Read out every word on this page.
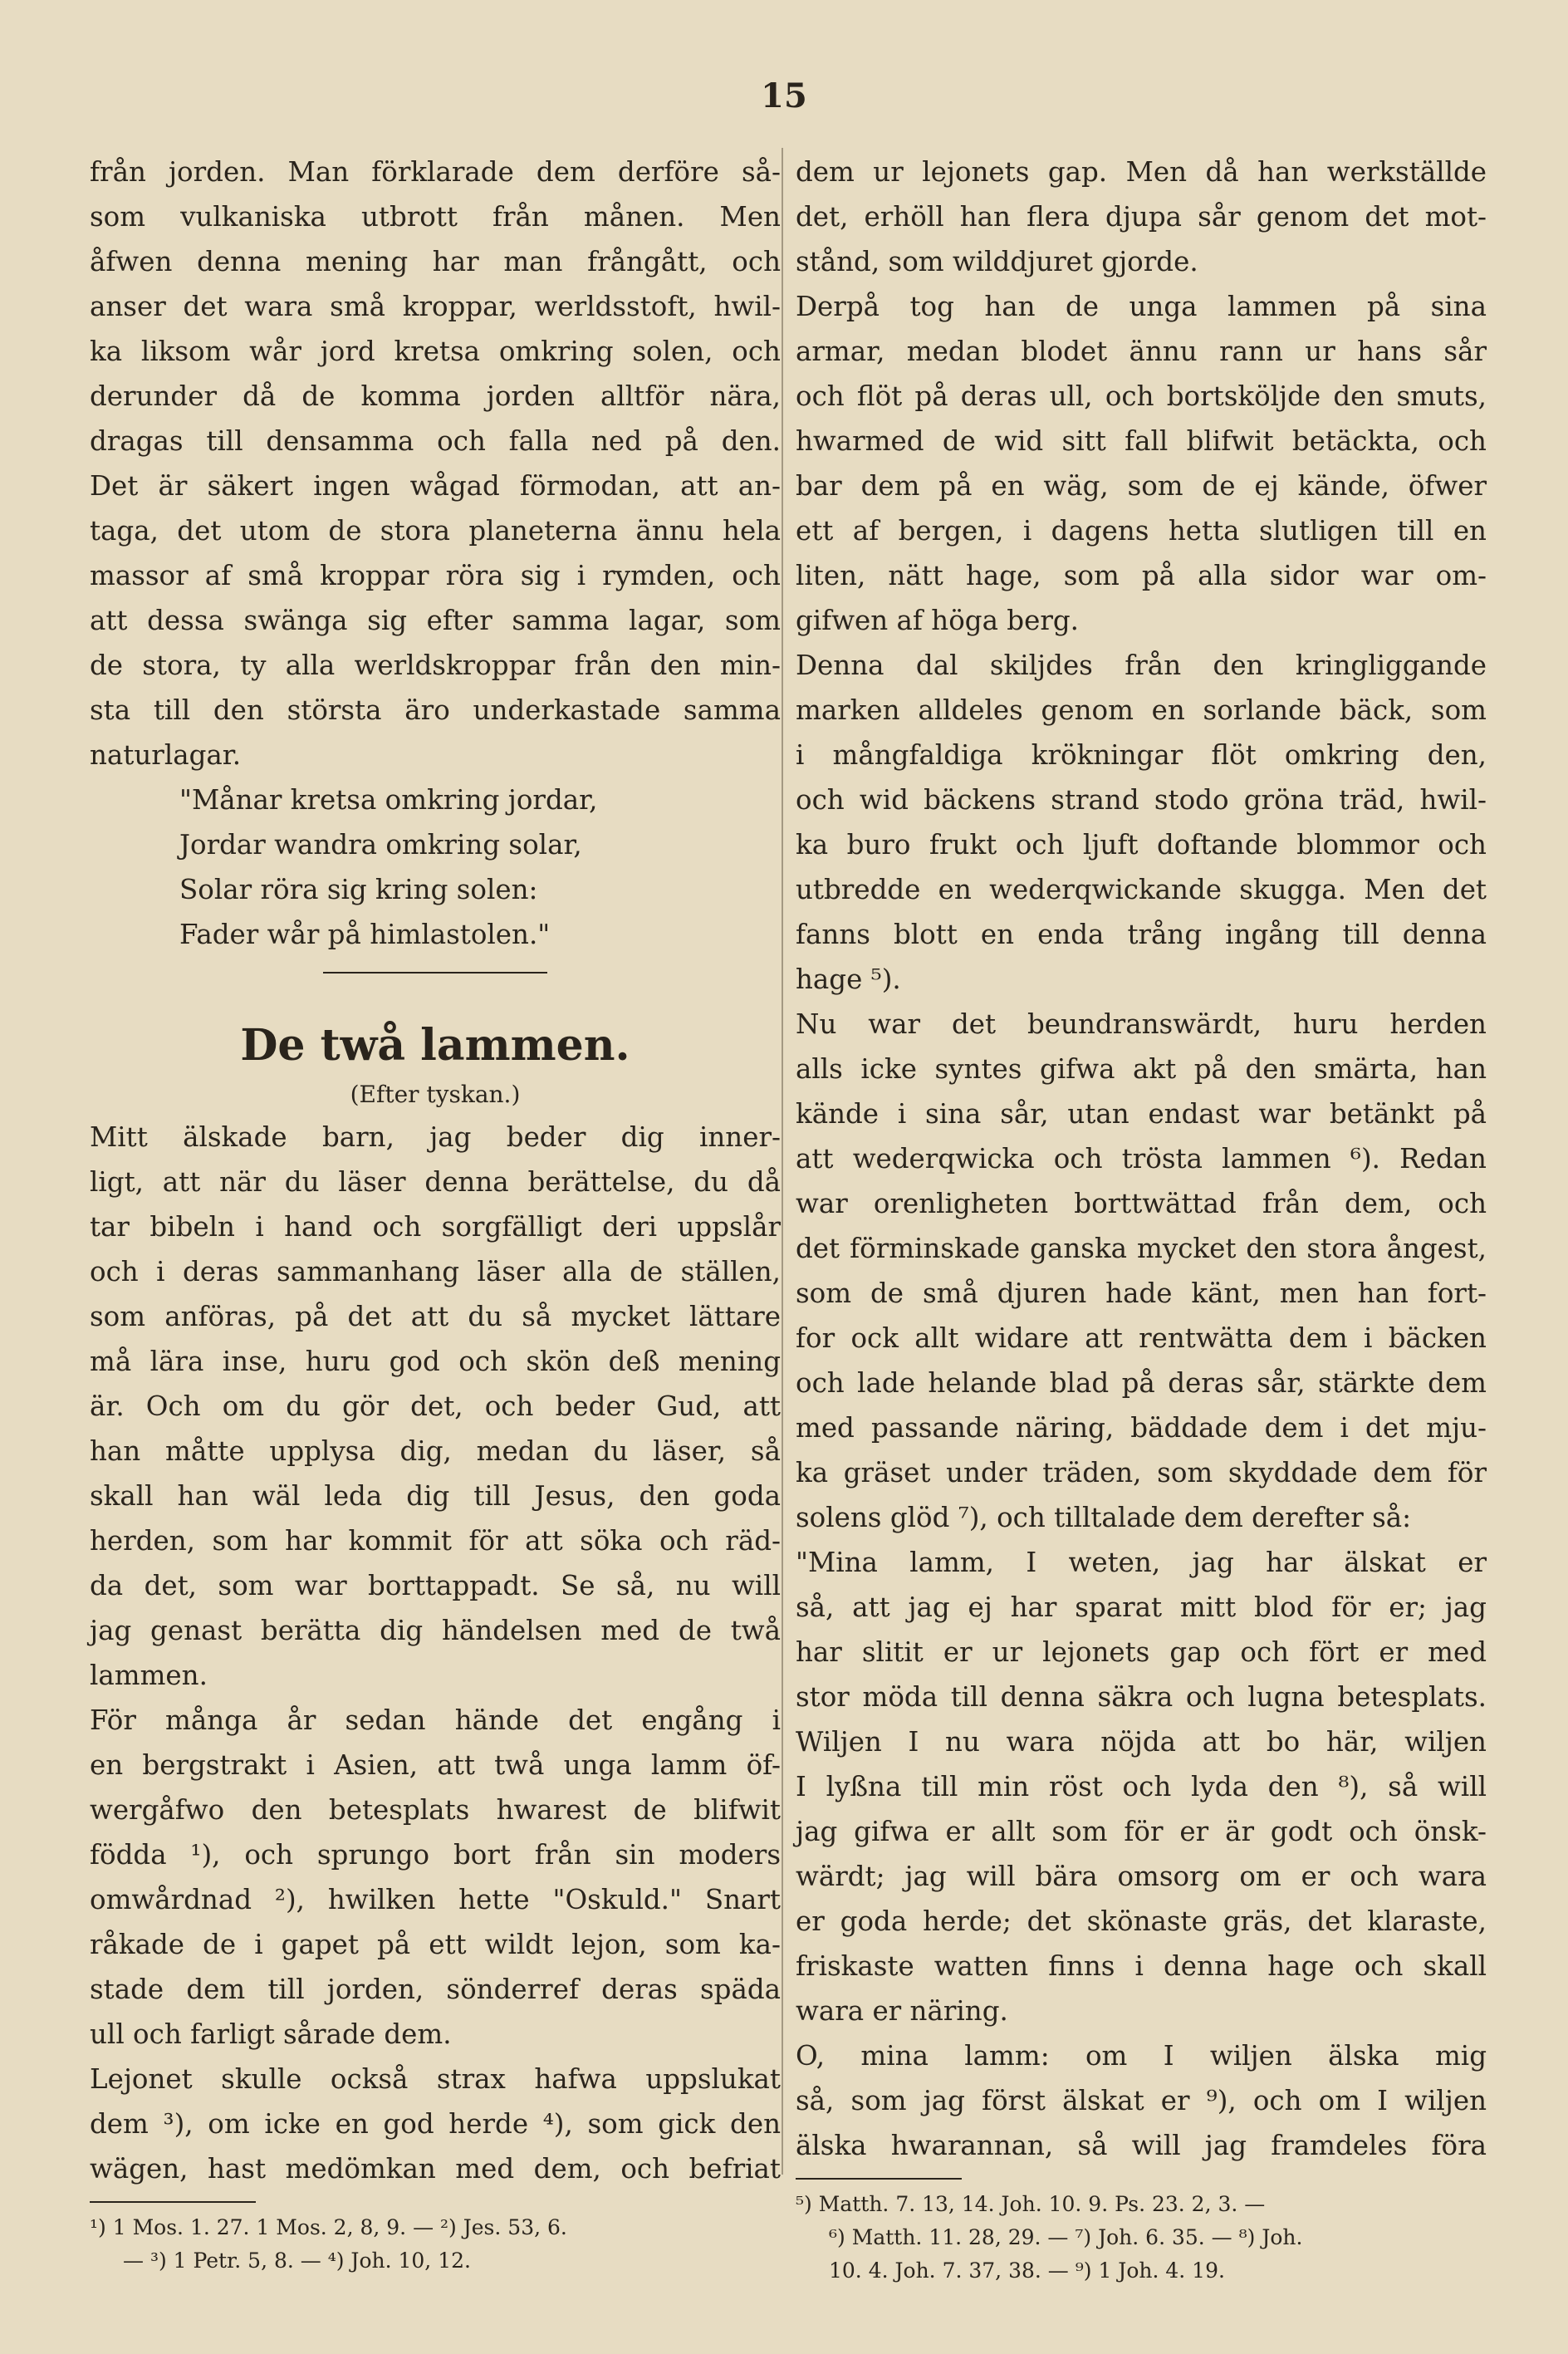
15
från jorden. Man förklarade dem derföre så-
som vulkaniska utbrott från månen. Men
åfwen denna mening har man frångått, och
anser det wara små kroppar, werldsstoft, hwil-
ka liksom wår jord kretsa omkring solen, och
derunder då de komma jorden alltför nära,
dragas till densamma och falla ned på den.
Det är säkert ingen wågad förmodan, att an-
taga, det utom de stora planeterna ännu hela
massor af små kroppar röra sig i rymden, och
att dessa swänga sig efter samma lagar, som
de stora, ty alla werldskroppar från den min-
sta till den största äro underkastade samma
naturlagar.
"Månar kretsa omkring jordar,
Jordar wandra omkring solar,
Solar röra sig kring solen:
Fader wår på himlastolen."
De twå lammen.
(Efter tyskan.)
Mitt älskade barn, jag beder dig inner-
ligt, att när du läser denna berättelse, du då
tar bibeln i hand och sorgfälligt deri uppslår
och i deras sammanhang läser alla de ställen,
som anföras, på det att du så mycket lättare
må lära inse, huru god och skön deß mening
är. Och om du gör det, och beder Gud, att
han måtte upplysa dig, medan du läser, så
skall han wäl leda dig till Jesus, den goda
herden, som har kommit för att söka och räd-
da det, som war borttappadt. Se så, nu will
jag genast berätta dig händelsen med de twå
lammen.
För många år sedan hände det engång i
en bergstrakt i Asien, att twå unga lamm öf-
wergåfwo den betesplats hwarest de blifwit
födda ¹), och sprungo bort från sin moders
omwårdnad ²), hwilken hette "Oskuld." Snart
råkade de i gapet på ett wildt lejon, som ka-
stade dem till jorden, sönderref deras späda
ull och farligt sårade dem.
Lejonet skulle också strax hafwa uppslukat
dem ³), om icke en god herde ⁴), som gick den
wägen, hast medömkan med dem, och befriat
¹) 1 Mos. 1. 27. 1 Mos. 2, 8, 9. — ²) Jes. 53, 6.
— ³) 1 Petr. 5, 8. — ⁴) Joh. 10, 12.
dem ur lejonets gap. Men då han werkställde
det, erhöll han flera djupa sår genom det mot-
stånd, som wilddjuret gjorde.
Derpå tog han de unga lammen på sina
armar, medan blodet ännu rann ur hans sår
och flöt på deras ull, och bortsköljde den smuts,
hwarmed de wid sitt fall blifwit betäckta, och
bar dem på en wäg, som de ej kände, öfwer
ett af bergen, i dagens hetta slutligen till en
liten, nätt hage, som på alla sidor war om-
gifwen af höga berg.
Denna dal skiljdes från den kringliggande
marken alldeles genom en sorlande bäck, som
i mångfaldiga krökningar flöt omkring den,
och wid bäckens strand stodo gröna träd, hwil-
ka buro frukt och ljuft doftande blommor och
utbredde en wederqwickande skugga. Men det
fanns blott en enda trång ingång till denna
hage ⁵).
Nu war det beundranswärdt, huru herden
alls icke syntes gifwa akt på den smärta, han
kände i sina sår, utan endast war betänkt på
att wederqwicka och trösta lammen ⁶). Redan
war orenligheten borttwättad från dem, och
det förminskade ganska mycket den stora ångest,
som de små djuren hade känt, men han fort-
for ock allt widare att rentwätta dem i bäcken
och lade helande blad på deras sår, stärkte dem
med passande näring, bäddade dem i det mju-
ka gräset under träden, som skyddade dem för
solens glöd ⁷), och tilltalade dem derefter så:
"Mina lamm, I weten, jag har älskat er
så, att jag ej har sparat mitt blod för er; jag
har slitit er ur lejonets gap och fört er med
stor möda till denna säkra och lugna betesplats.
Wiljen I nu wara nöjda att bo här, wiljen
I lyßna till min röst och lyda den ⁸), så will
jag gifwa er allt som för er är godt och önsk-
wärdt; jag will bära omsorg om er och wara
er goda herde; det skönaste gräs, det klaraste,
friskaste watten finns i denna hage och skall
wara er näring.
O, mina lamm: om I wiljen älska mig
så, som jag först älskat er ⁹), och om I wiljen
älska hwarannan, så will jag framdeles föra
⁵) Matth. 7. 13, 14. Joh. 10. 9. Ps. 23. 2, 3. —
⁶) Matth. 11. 28, 29. — ⁷) Joh. 6. 35. — ⁸) Joh.
10. 4. Joh. 7. 37, 38. — ⁹) 1 Joh. 4. 19.
